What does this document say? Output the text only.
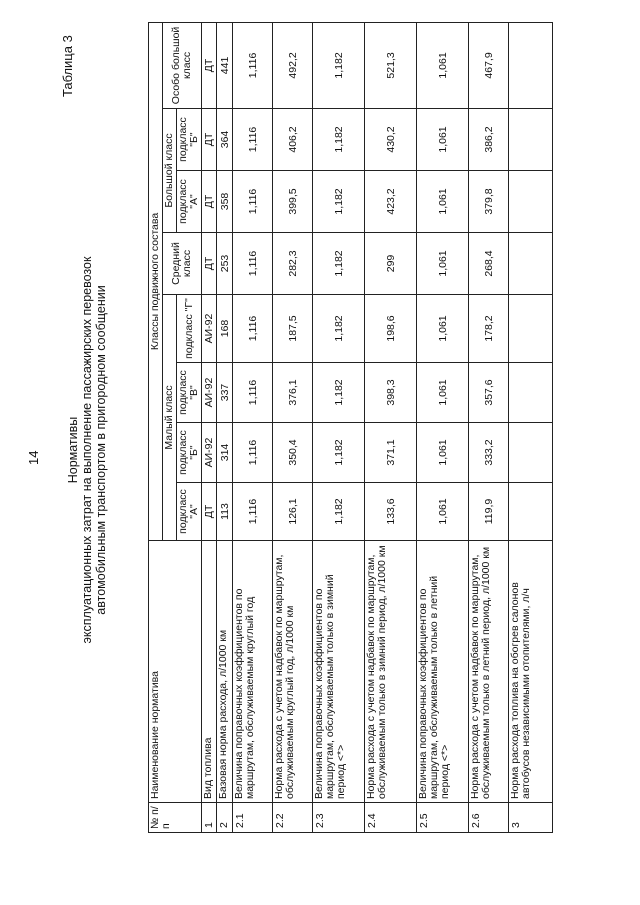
14
Таблица 3
Нормативы эксплуатационных затрат на выполнение пассажирских перевозок автомобильным транспортом в пригородном сообщении
№ п/п	Наименование норматива	Классы подвижного состава							
		Малый класс				Средний класс	Большой класс		Особо большой класс
		подкласс "А"	подкласс "Б"	подкласс "В"	подкласс "Г"		подкласс "А"	подкласс "Б"	
1	Вид топлива	ДТ	АИ-92	АИ-92	АИ-92	ДТ	ДТ	ДТ	ДТ
2	Базовая норма расхода, л/1000 км	113	314	337	168	253	358	364	441
2.1	Величина поправочных коэффициентов по маршрутам, обслуживаемым круглый год	1,116	1,116	1,116	1,116	1,116	1,116	1,116	1,116
2.2	Норма расхода с учетом надбавок по маршрутам, обслуживаемым круглый год, л/1000 км	126,1	350,4	376,1	187,5	282,3	399,5	406,2	492,2
2.3	Величина поправочных коэффициентов по маршрутам, обслуживаемым только в зимний период <*>	1,182	1,182	1,182	1,182	1,182	1,182	1,182	1,182
2.4	Норма расхода с учетом надбавок по маршрутам, обслуживаемым только в зимний период, л/1000 км	133,6	371,1	398,3	198,6	299	423,2	430,2	521,3
2.5	Величина поправочных коэффициентов по маршрутам, обслуживаемым только в летний период <*>	1,061	1,061	1,061	1,061	1,061	1,061	1,061	1,061
2.6	Норма расхода с учетом надбавок по маршрутам, обслуживаемым только в летний период, л/1000 км	119,9	333,2	357,6	178,2	268,4	379,8	386,2	467,9
3	Норма расхода топлива на обогрев салонов автобусов независимыми отопителями, л/ч								
